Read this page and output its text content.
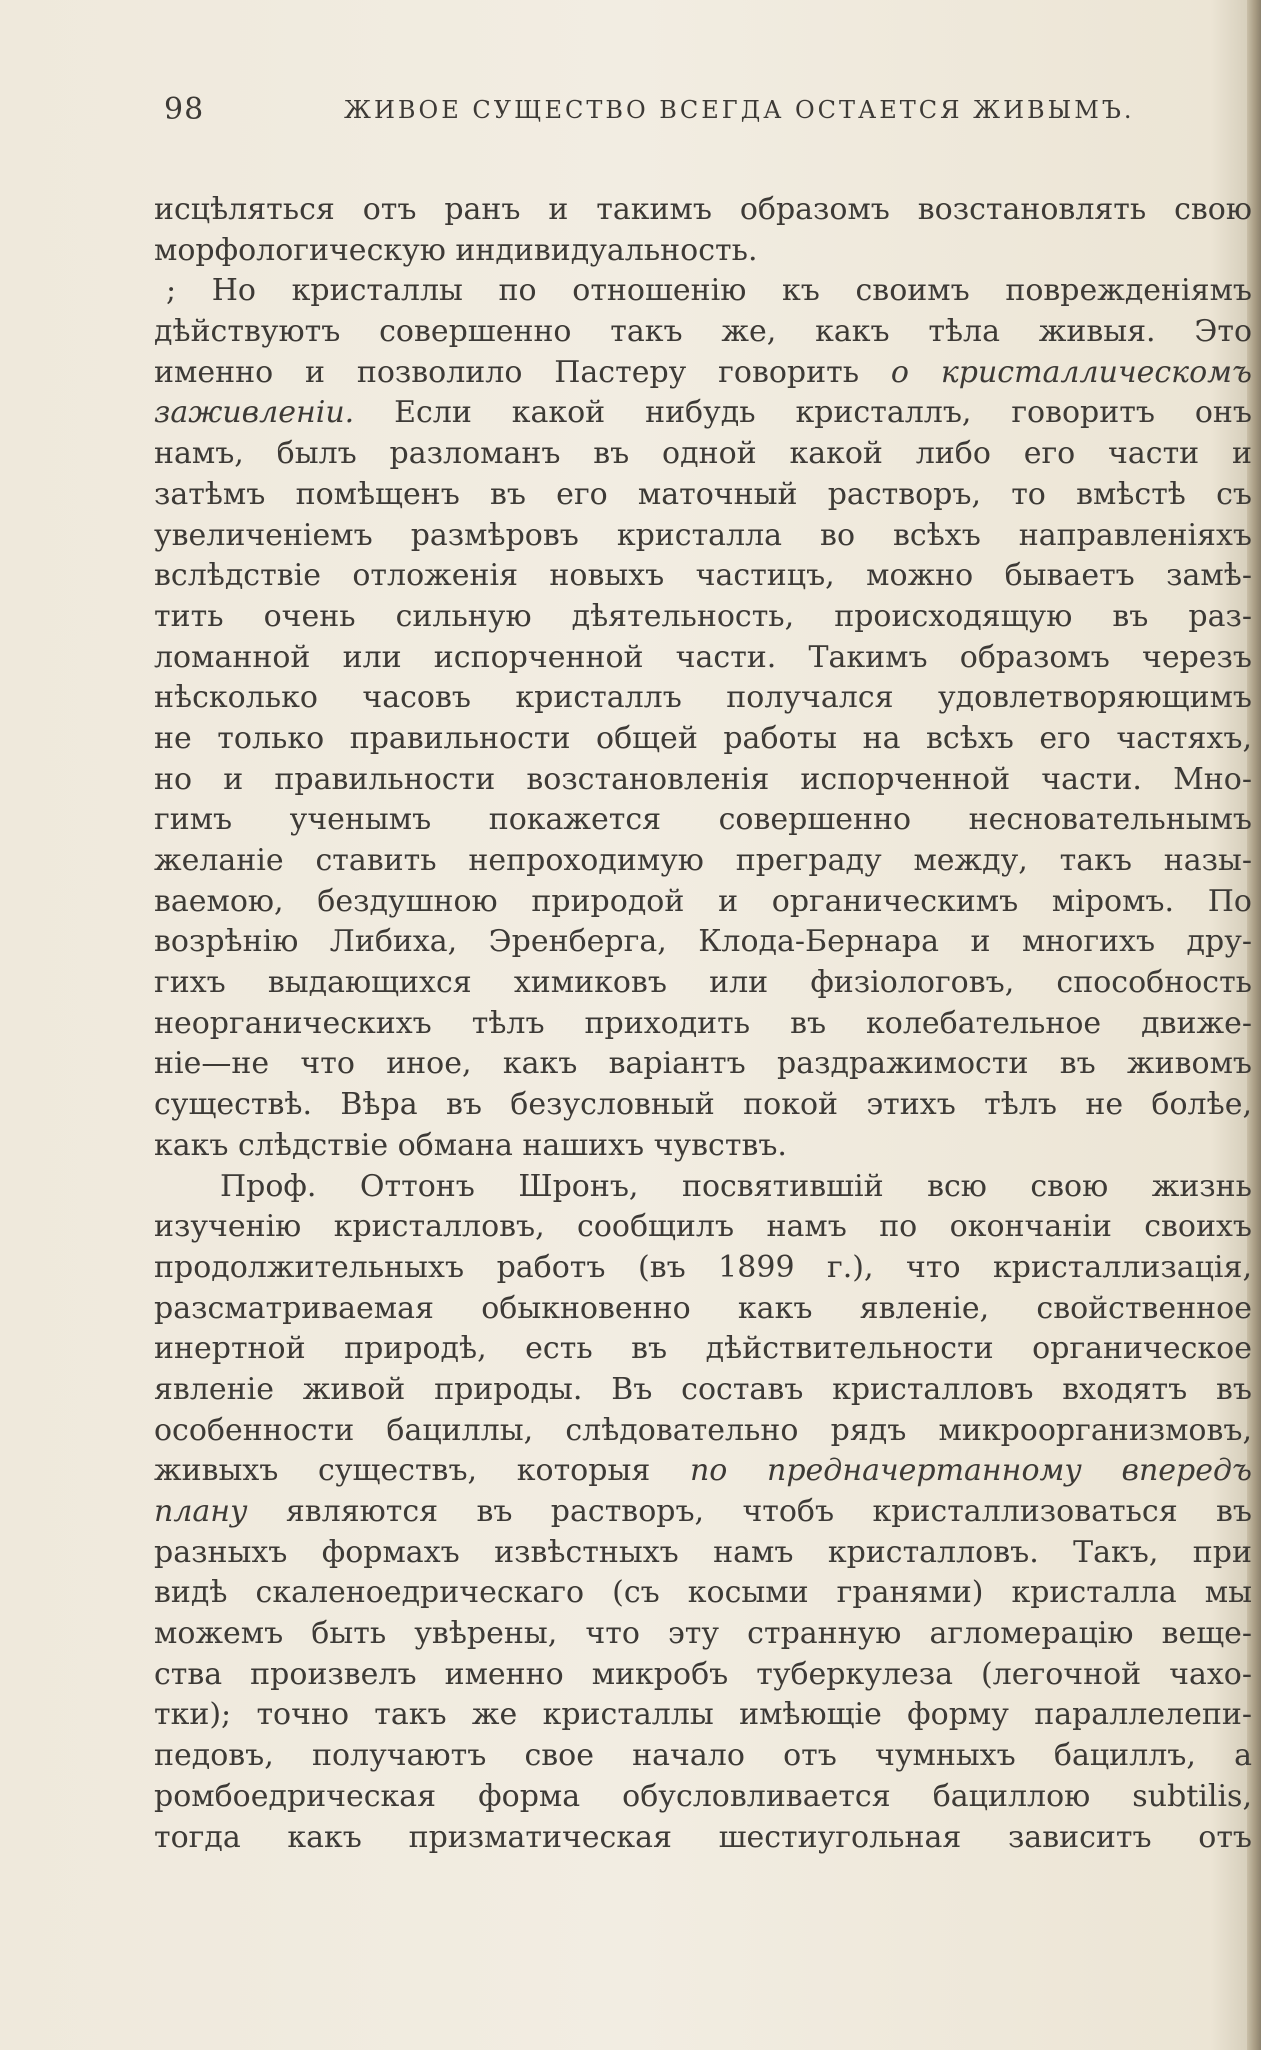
98	ЖИВОЕ СУЩЕСТВО ВСЕГДА ОСТАЕТСЯ ЖИВЫМЪ.
исцѣляться отъ ранъ и такимъ образомъ возстановлять свою
морфологическую индивидуальность.
; Но кристаллы по отношенію къ своимъ поврежденіямъ
дѣйствуютъ совершенно такъ же, какъ тѣла живыя. Это
именно и позволило Пастеру говорить о кристаллическомъ
заживленіи. Если какой нибудь кристаллъ, говоритъ онъ
намъ, былъ разломанъ въ одной какой либо его части и
затѣмъ помѣщенъ въ его маточный растворъ, то вмѣстѣ съ
увеличеніемъ размѣровъ кристалла во всѣхъ направленіяхъ
вслѣдствіе отложенія новыхъ частицъ, можно бываетъ замѣ-
тить очень сильную дѣятельность, происходящую въ раз-
ломанной или испорченной части. Такимъ образомъ черезъ
нѣсколько часовъ кристаллъ получался удовлетворяющимъ
не только правильности общей работы на всѣхъ его частяхъ,
но и правильности возстановленія испорченной части. Мно-
гимъ ученымъ покажется совершенно несновательнымъ
желаніе ставить непроходимую преграду между, такъ назы-
ваемою, бездушною природой и органическимъ міромъ. По
возрѣнію Либиха, Эренберга, Клода-Бернара и многихъ дру-
гихъ выдающихся химиковъ или физіологовъ, способность
неорганическихъ тѣлъ приходить въ колебательное движе-
ніе—не что иное, какъ варіантъ раздражимости въ живомъ
существѣ. Вѣра въ безусловный покой этихъ тѣлъ не болѣе,
какъ слѣдствіе обмана нашихъ чувствъ.
Проф. Оттонъ Шронъ, посвятившій всю свою жизнь
изученію кристалловъ, сообщилъ намъ по окончаніи своихъ
продолжительныхъ работъ (въ 1899 г.), что кристаллизація,
разсматриваемая обыкновенно какъ явленіе, свойственное
инертной природѣ, есть въ дѣйствительности органическое
явленіе живой природы. Въ составъ кристалловъ входятъ въ
особенности бациллы, слѣдовательно рядъ микроорганизмовъ,
живыхъ существъ, которыя по предначертанному впередъ
плану являются въ растворъ, чтобъ кристаллизоваться въ
разныхъ формахъ извѣстныхъ намъ кристалловъ. Такъ, при
видѣ скаленоедрическаго (съ косыми гранями) кристалла мы
можемъ быть увѣрены, что эту странную агломерацію веще-
ства произвелъ именно микробъ туберкулеза (легочной чахо-
тки); точно такъ же кристаллы имѣющіе форму параллелепи-
педовъ, получаютъ свое начало отъ чумныхъ бациллъ, а
ромбоедрическая форма обусловливается бациллою subtilis,
тогда какъ призматическая шестиугольная зависитъ отъ
